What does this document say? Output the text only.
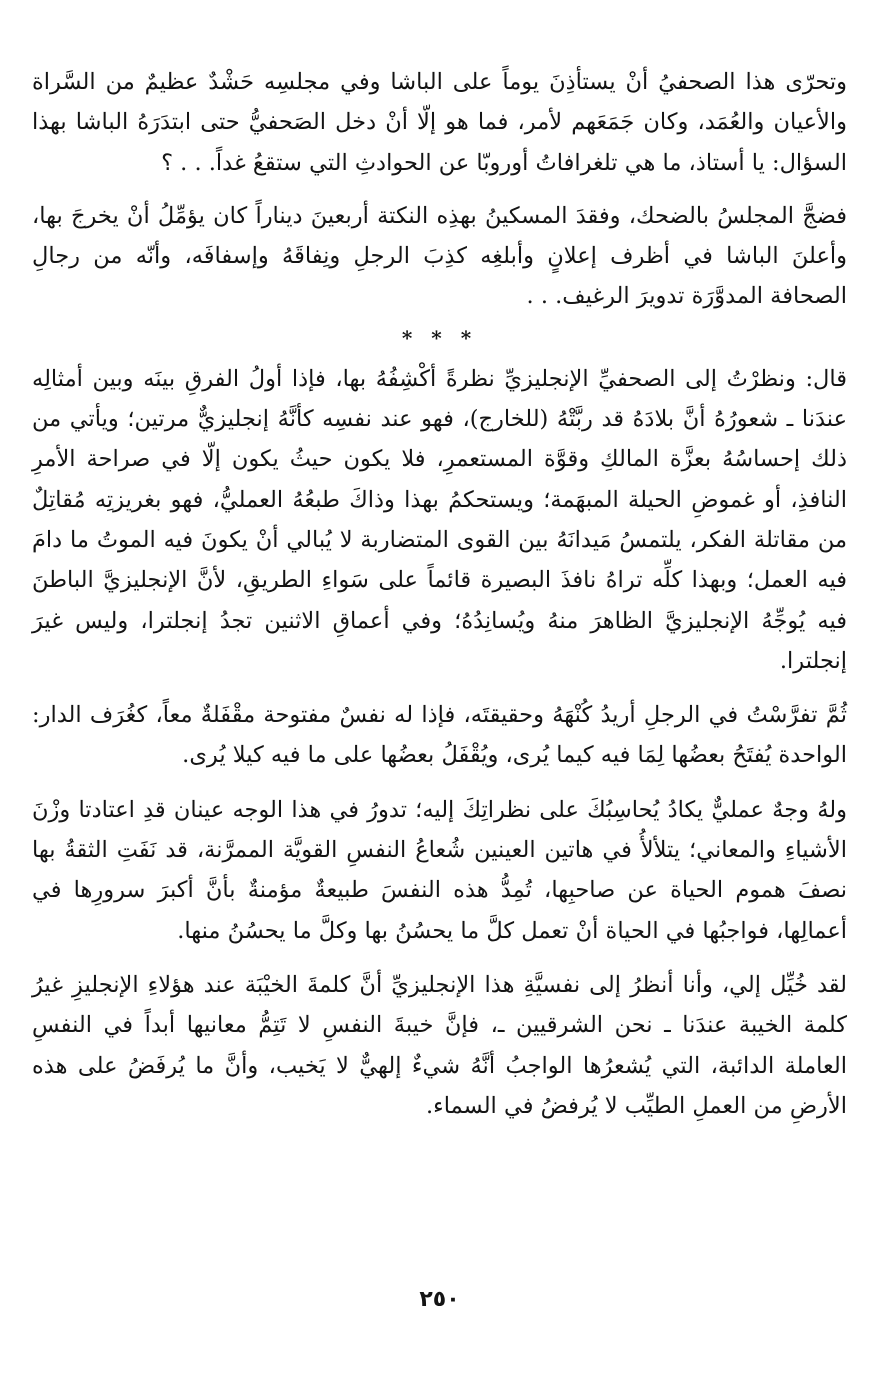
وتحرّى هذا الصحفيُ أنْ يستأذِنَ يوماً على الباشا وفي مجلسِه حَشْدٌ عظيمٌ من السَّراة والأعيان والعُمَد، وكان جَمَعَهم لأمر، فما هو إلّا أنْ دخل الصَحفيُّ حتى ابتدَرَهُ الباشا بهذا السؤال: يا أستاذ، ما هي تلغرافاتُ أوروبّا عن الحوادثِ التي ستقعُ غداً. . . ؟

فضجَّ المجلسُ بالضحك، وفقدَ المسكينُ بهذِه النكتة أربعينَ ديناراً كان يؤمِّلُ أنْ يخرجَ بها، وأعلنَ الباشا في أظرف إعلانٍ وأبلغِه كذِبَ الرجلِ ونِفاقَهُ وإسفافَه، وأنّه من رجالِ الصحافة المدوَّرَة تدويرَ الرغيف. . .

* * *

قال: ونظرْتُ إلى الصحفيِّ الإنجليزيِّ نظرةً أكْشِفُهُ بها، فإذا أولُ الفرقِ بينَه وبين أمثالِه عندَنا ـ شعورُهُ أنَّ بلادَهُ قد ربَّتْهُ (للخارج)، فهو عند نفسِه كأنَّهُ إنجليزيٌّ مرتين؛ ويأتي من ذلك إحساسُهُ بعزَّة المالكِ وقوَّة المستعمرِ، فلا يكون حيثُ يكون إلّا في صراحة الأمرِ النافذِ، أو غموضِ الحيلة المبهَمة؛ ويستحكمُ بهذا وذاكَ طبعُهُ العمليُّ، فهو بغريزتِه مُقاتِلٌ من مقاتلة الفكر، يلتمسُ مَيدانَهُ بين القوى المتضاربة لا يُبالي أنْ يكونَ فيه الموتُ ما دامَ فيه العمل؛ وبهذا كلِّه تراهُ نافذَ البصيرة قائماً على سَواءِ الطريقِ، لأنَّ الإنجليزيَّ الباطنَ فيه يُوجِّهُ الإنجليزيَّ الظاهرَ منهُ ويُسانِدُهُ؛ وفي أعماقِ الاثنين تجدُ إنجلترا، وليس غيرَ إنجلترا.

ثُمَّ تفرَّسْتُ في الرجلِ أريدُ كُنْهَهُ وحقيقتَه، فإذا له نفسٌ مفتوحة مقْفَلةٌ معاً، كغُرَف الدار: الواحدة يُفتَحُ بعضُها لِمَا فيه كيما يُرى، ويُقْفَلُ بعضُها على ما فيه كيلا يُرى.

ولهُ وجهٌ عمليٌّ يكادُ يُحاسِبُكَ على نظراتِكَ إليه؛ تدورُ في هذا الوجه عينان قدِ اعتادتا وزْنَ الأشياءِ والمعاني؛ يتلألأُ في هاتين العينين شُعاعُ النفسِ القويَّة الممرَّنة، قد نَفَتِ الثقةُ بها نصفَ هموم الحياة عن صاحبِها، تُمِدُّ هذه النفسَ طبيعةٌ مؤمنةٌ بأنَّ أكبرَ سرورِها في أعمالِها، فواجبُها في الحياة أنْ تعمل كلَّ ما يحسُنُ بها وكلَّ ما يحسُنُ منها.

لقد خُيِّل إلي، وأنا أنظرُ إلى نفسيَّةِ هذا الإنجليزيِّ أنَّ كلمةَ الخيْبَة عند هؤلاءِ الإنجليزِ غيرُ كلمة الخيبة عندَنا ـ نحن الشرقيين ـ، فإنَّ خيبةَ النفسِ لا تَتِمُّ معانيها أبداً في النفسِ العاملة الدائبة، التي يُشعرُها الواجبُ أنَّهُ شيءٌ إلهيٌّ لا يَخيب، وأنَّ ما يُرفَضُ على هذه الأرضِ من العملِ الطيِّب لا يُرفضُ في السماء.

٢٥٠
